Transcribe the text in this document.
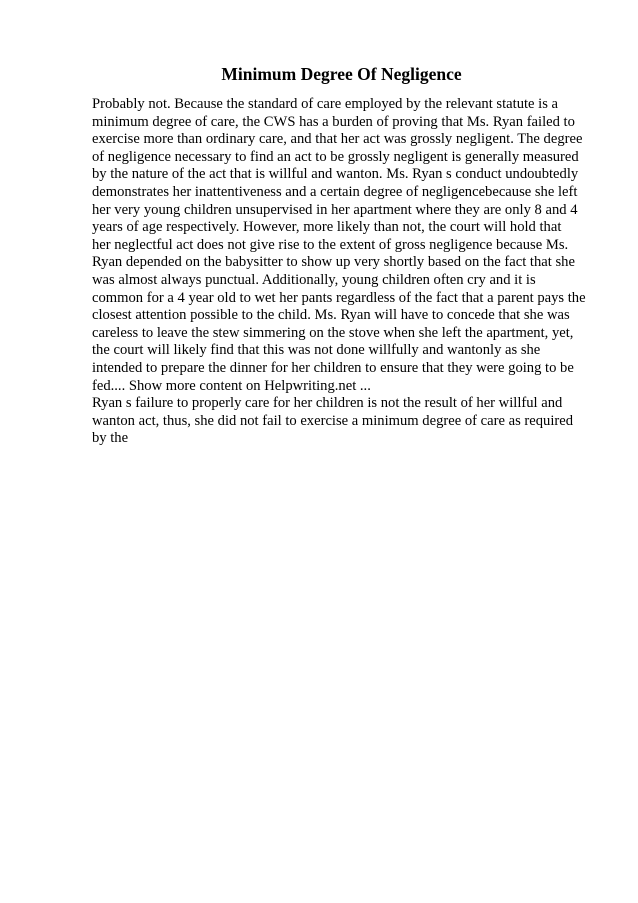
Minimum Degree Of Negligence
Probably not. Because the standard of care employed by the relevant statute is a
minimum degree of care, the CWS has a burden of proving that Ms. Ryan failed to
exercise more than ordinary care, and that her act was grossly negligent. The degree
of negligence necessary to find an act to be grossly negligent is generally measured
by the nature of the act that is willful and wanton. Ms. Ryan s conduct undoubtedly
demonstrates her inattentiveness and a certain degree of negligencebecause she left
her very young children unsupervised in her apartment where they are only 8 and 4
years of age respectively. However, more likely than not, the court will hold that
her neglectful act does not give rise to the extent of gross negligence because Ms.
Ryan depended on the babysitter to show up very shortly based on the fact that she
was almost always punctual. Additionally, young children often cry and it is
common for a 4 year old to wet her pants regardless of the fact that a parent pays the
closest attention possible to the child. Ms. Ryan will have to concede that she was
careless to leave the stew simmering on the stove when she left the apartment, yet,
the court will likely find that this was not done willfully and wantonly as she
intended to prepare the dinner for her children to ensure that they were going to be
fed.... Show more content on Helpwriting.net ...
Ryan s failure to properly care for her children is not the result of her willful and
wanton act, thus, she did not fail to exercise a minimum degree of care as required
by the
